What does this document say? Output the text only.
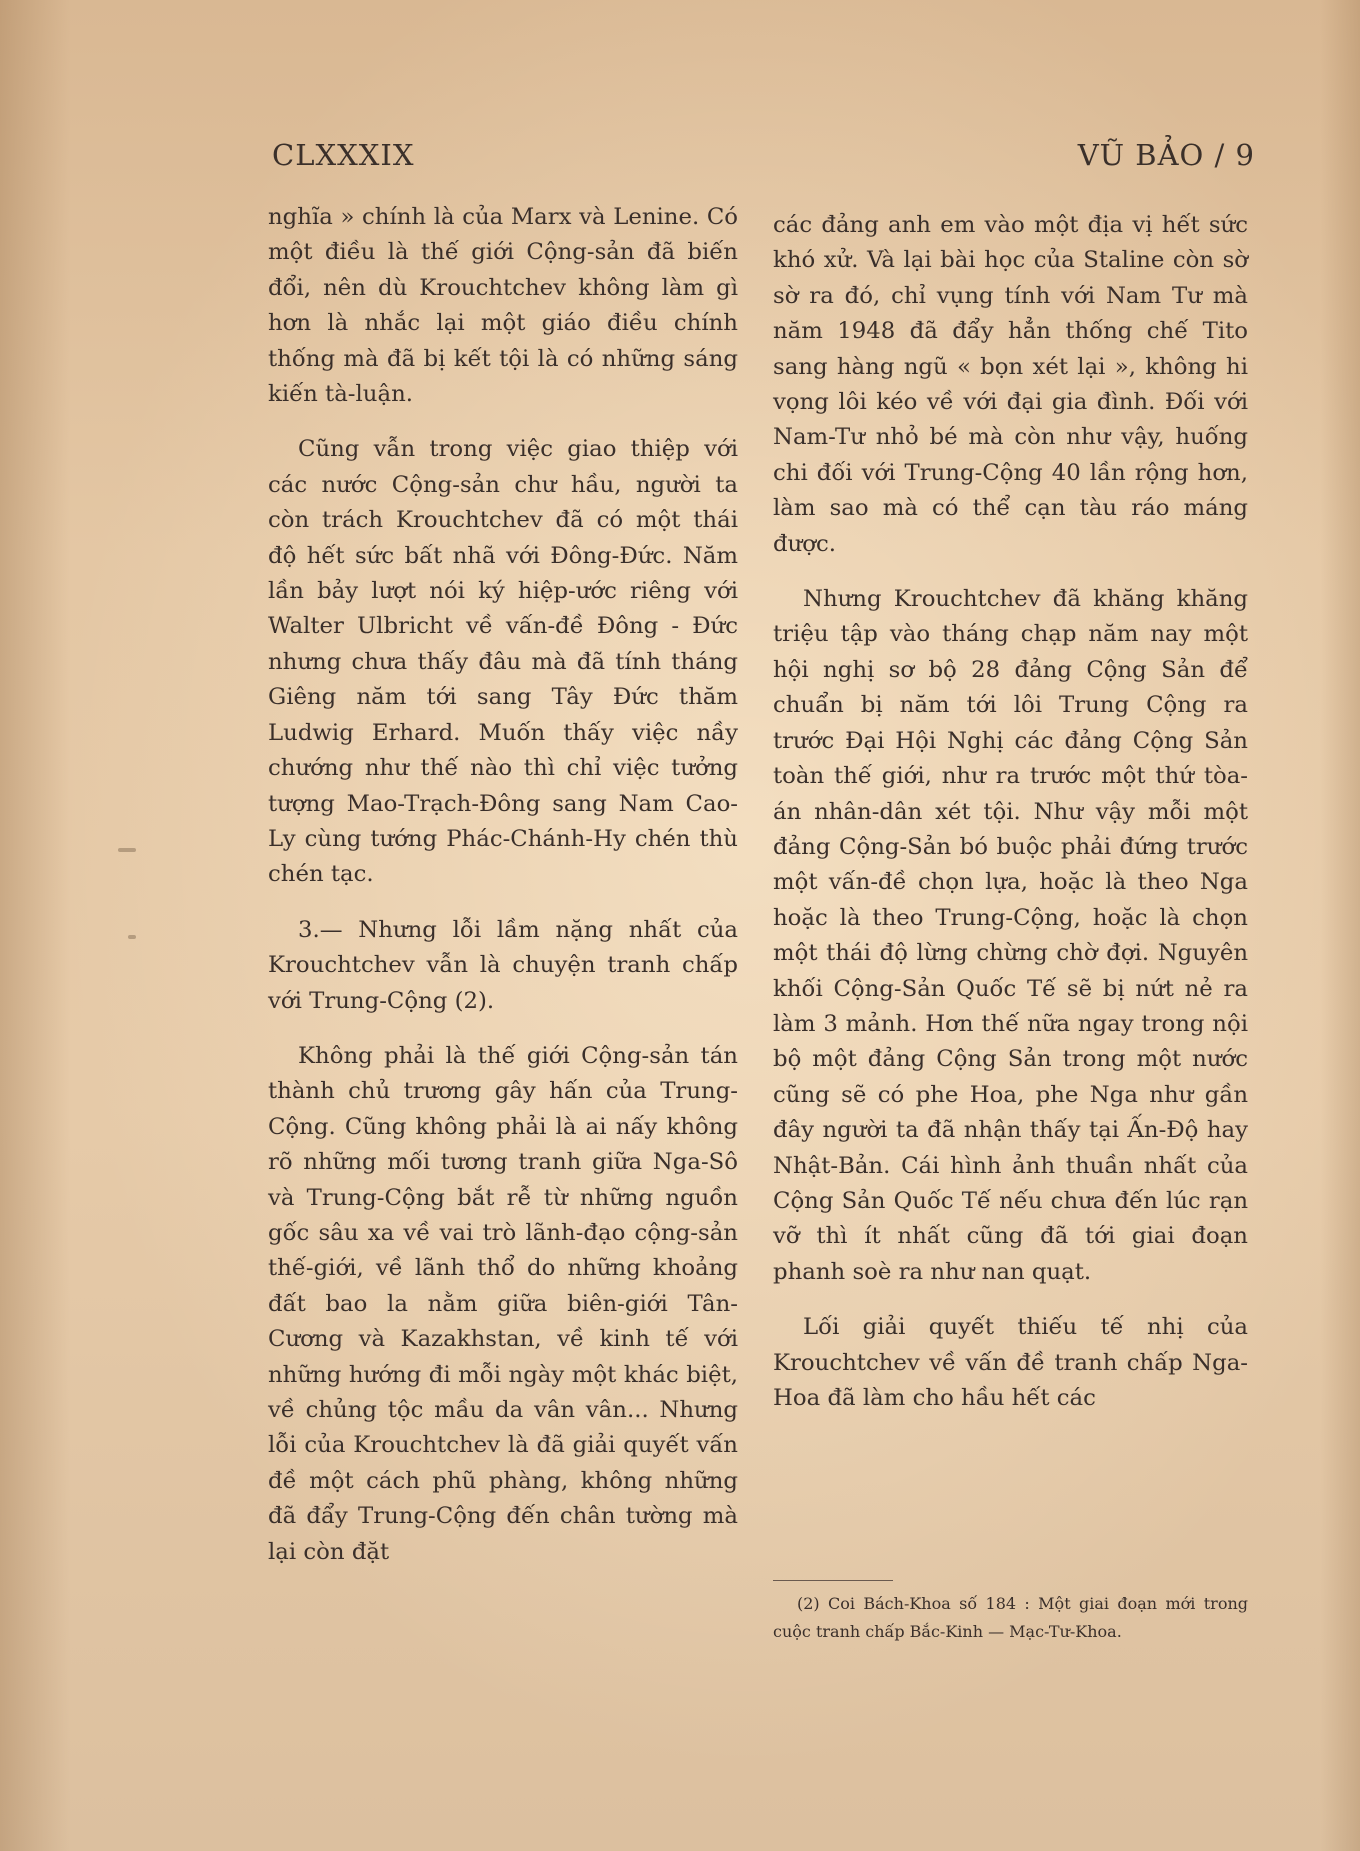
CLXXXIX	VŨ BẢO / 9

nghĩa » chính là của Marx và Lenine. Có một điều là thế giới Cộng-sản đã biến đổi, nên dù Krouchtchev không làm gì hơn là nhắc lại một giáo điều chính thống mà đã bị kết tội là có những sáng kiến tà-luận.

Cũng vẫn trong việc giao thiệp với các nước Cộng-sản chư hầu, người ta còn trách Krouchtchev đã có một thái độ hết sức bất nhã với Đông-Đức. Năm lần bảy lượt nói ký hiệp-ước riêng với Walter Ulbricht về vấn-đề Đông - Đức nhưng chưa thấy đâu mà đã tính tháng Giêng năm tới sang Tây Đức thăm Ludwig Erhard. Muốn thấy việc nầy chướng như thế nào thì chỉ việc tưởng tượng Mao-Trạch-Đông sang Nam Cao-Ly cùng tướng Phác-Chánh-Hy chén thù chén tạc.

3.— Nhưng lỗi lầm nặng nhất của Krouchtchev vẫn là chuyện tranh chấp với Trung-Cộng (2).

Không phải là thế giới Cộng-sản tán thành chủ trương gây hấn của Trung-Cộng. Cũng không phải là ai nấy không rõ những mối tương tranh giữa Nga-Sô và Trung-Cộng bắt rễ từ những nguồn gốc sâu xa về vai trò lãnh-đạo cộng-sản thế-giới, về lãnh thổ do những khoảng đất bao la nằm giữa biên-giới Tân-Cương và Kazakhstan, về kinh tế với những hướng đi mỗi ngày một khác biệt, về chủng tộc mầu da vân vân... Nhưng lỗi của Krouchtchev là đã giải quyết vấn đề một cách phũ phàng, không những đã đẩy Trung-Cộng đến chân tường mà lại còn đặt

các đảng anh em vào một địa vị hết sức khó xử. Và lại bài học của Staline còn sờ sờ ra đó, chỉ vụng tính với Nam Tư mà năm 1948 đã đẩy hẳn thống chế Tito sang hàng ngũ « bọn xét lại », không hi vọng lôi kéo về với đại gia đình. Đối với Nam-Tư nhỏ bé mà còn như vậy, huống chi đối với Trung-Cộng 40 lần rộng hơn, làm sao mà có thể cạn tàu ráo máng được.

Nhưng Krouchtchev đã khăng khăng triệu tập vào tháng chạp năm nay một hội nghị sơ bộ 28 đảng Cộng Sản để chuẩn bị năm tới lôi Trung Cộng ra trước Đại Hội Nghị các đảng Cộng Sản toàn thế giới, như ra trước một thứ tòa-án nhân-dân xét tội. Như vậy mỗi một đảng Cộng-Sản bó buộc phải đứng trước một vấn-đề chọn lựa, hoặc là theo Nga hoặc là theo Trung-Cộng, hoặc là chọn một thái độ lừng chừng chờ đợi. Nguyên khối Cộng-Sản Quốc Tế sẽ bị nứt nẻ ra làm 3 mảnh. Hơn thế nữa ngay trong nội bộ một đảng Cộng Sản trong một nước cũng sẽ có phe Hoa, phe Nga như gần đây người ta đã nhận thấy tại Ấn-Độ hay Nhật-Bản. Cái hình ảnh thuần nhất của Cộng Sản Quốc Tế nếu chưa đến lúc rạn vỡ thì ít nhất cũng đã tới giai đoạn phanh soè ra như nan quạt.

Lối giải quyết thiếu tế nhị của Krouchtchev về vấn đề tranh chấp Nga-Hoa đã làm cho hầu hết các

(2) Coi Bách-Khoa số 184 : Một giai đoạn mới trong cuộc tranh chấp Bắc-Kinh — Mạc-Tư-Khoa.
